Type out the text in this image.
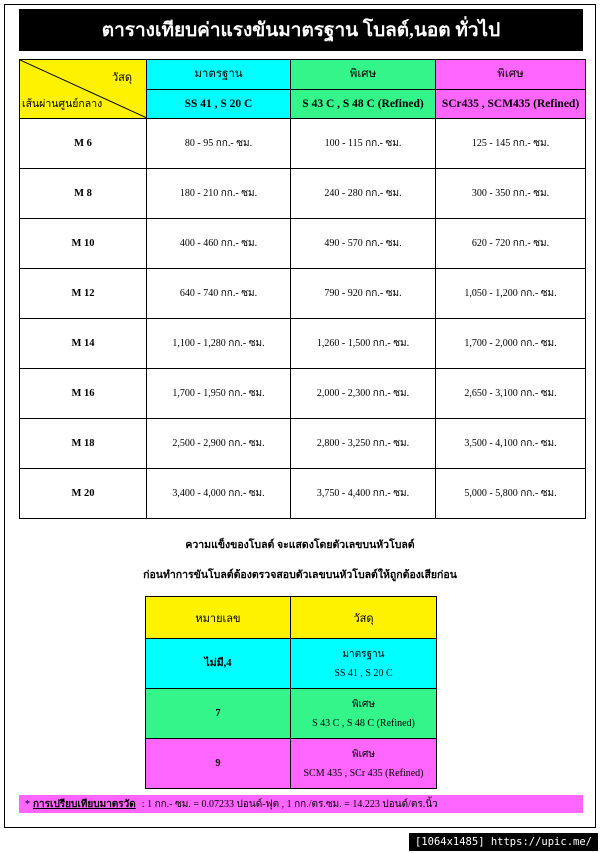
ตารางเทียบค่าแรงขันมาตรฐาน โบลต์,นอต ทั่วไป
วัสดุ
เส้นผ่านศูนย์กลาง	มาตรฐาน	พิเศษ	พิเศษ
	SS 41 , S 20 C	S 43 C , S 48 C (Refined)	SCr435 , SCM435 (Refined)
M 6	80 - 95 กก.- ซม.	100 - 115 กก.- ซม.	125 - 145 กก.- ซม.
M 8	180 - 210 กก.- ซม.	240 - 280 กก.- ซม.	300 - 350 กก.- ซม.
M 10	400 - 460 กก.- ซม.	490 - 570 กก.- ซม.	620 - 720 กก.- ซม.
M 12	640 - 740 กก.- ซม.	790 - 920 กก.- ซม.	1,050 - 1,200 กก.- ซม.
M 14	1,100 - 1,280 กก.- ซม.	1,260 - 1,500 กก.- ซม.	1,700 - 2,000 กก.- ซม.
M 16	1,700 - 1,950 กก.- ซม.	2,000 - 2,300 กก.- ซม.	2,650 - 3,100 กก.- ซม.
M 18	2,500 - 2,900 กก.- ซม.	2,800 - 3,250 กก.- ซม.	3,500 - 4,100 กก.- ซม.
M 20	3,400 - 4,000 กก.- ซม.	3,750 - 4,400 กก.- ซม.	5,000 - 5,800 กก.- ซม.
ความแข็งของโบลต์ จะแสดงโดยตัวเลขบนหัวโบลต์
ก่อนทำการขันโบลต์ต้องตรวจสอบตัวเลขบนหัวโบลต์ให้ถูกต้องเสียก่อน
หมายเลข	วัสดุ
ไม่มี,4	มาตรฐาน
SS 41 , S 20 C

7	พิเศษ
S 43 C , S 48 C (Refined)

9	พิเศษ
SCM 435 , SCr 435 (Refined)
* การเปรียบเทียบมาตรวัด : 1 กก.- ซม. = 0.07233 ปอนด์-ฟุต , 1 กก./ตร.ซม. = 14.223 ปอนด์/ตร.นิ้ว
[1064x1485] https://upic.me/
